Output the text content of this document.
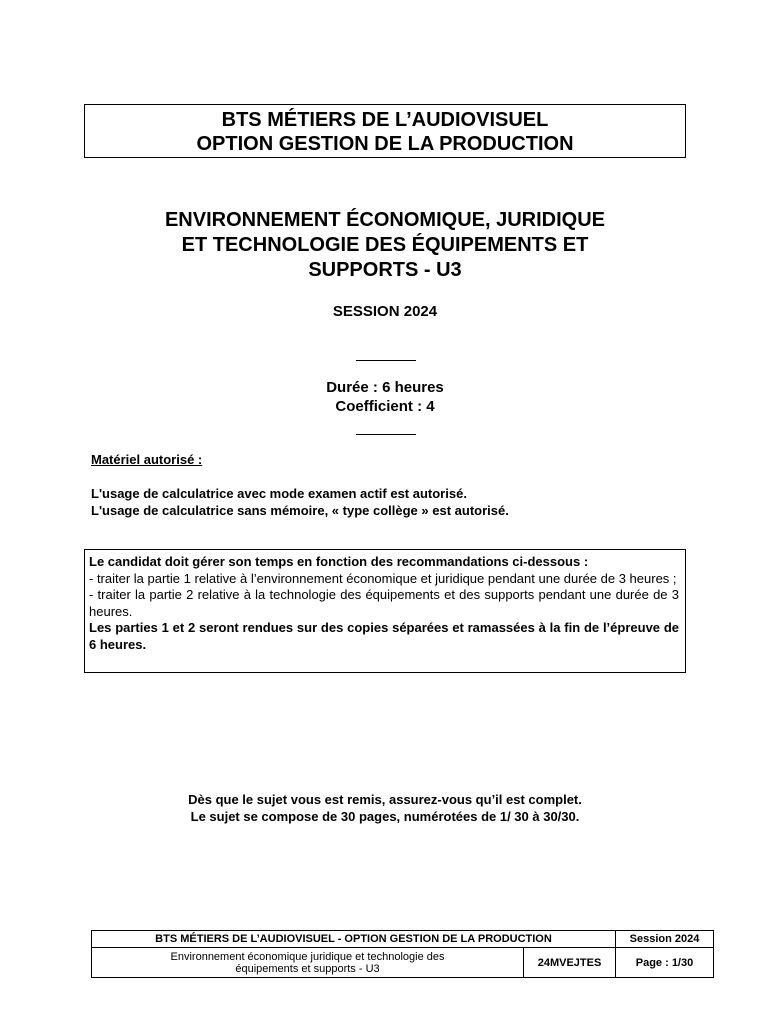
BTS MÉTIERS DE L’AUDIOVISUEL
OPTION GESTION DE LA PRODUCTION
ENVIRONNEMENT ÉCONOMIQUE, JURIDIQUE
ET TECHNOLOGIE DES ÉQUIPEMENTS ET
SUPPORTS - U3
SESSION 2024
Durée : 6 heures
Coefficient : 4
Matériel autorisé :
L'usage de calculatrice avec mode examen actif est autorisé.
L'usage de calculatrice sans mémoire, « type collège » est autorisé.

Le candidat doit gérer son temps en fonction des recommandations ci-dessous :

- traiter la partie 1 relative à l’environnement économique et juridique pendant une durée de 3 heures ;

- traiter la partie 2 relative à la technologie des équipements et des supports pendant une durée de 3 heures.

Les parties 1 et 2 seront rendues sur des copies séparées et ramassées à la fin de l’épreuve de 6 heures.

Dès que le sujet vous est remis, assurez-vous qu’il est complet.
Le sujet se compose de 30 pages, numérotées de 1/ 30 à 30/30.
BTS MÉTIERS DE L’AUDIOVISUEL - OPTION GESTION DE LA PRODUCTION		Session 2024

Environnement économique juridique et technologie des
équipements et supports - U3	24MVEJTES	Page : 1/30
